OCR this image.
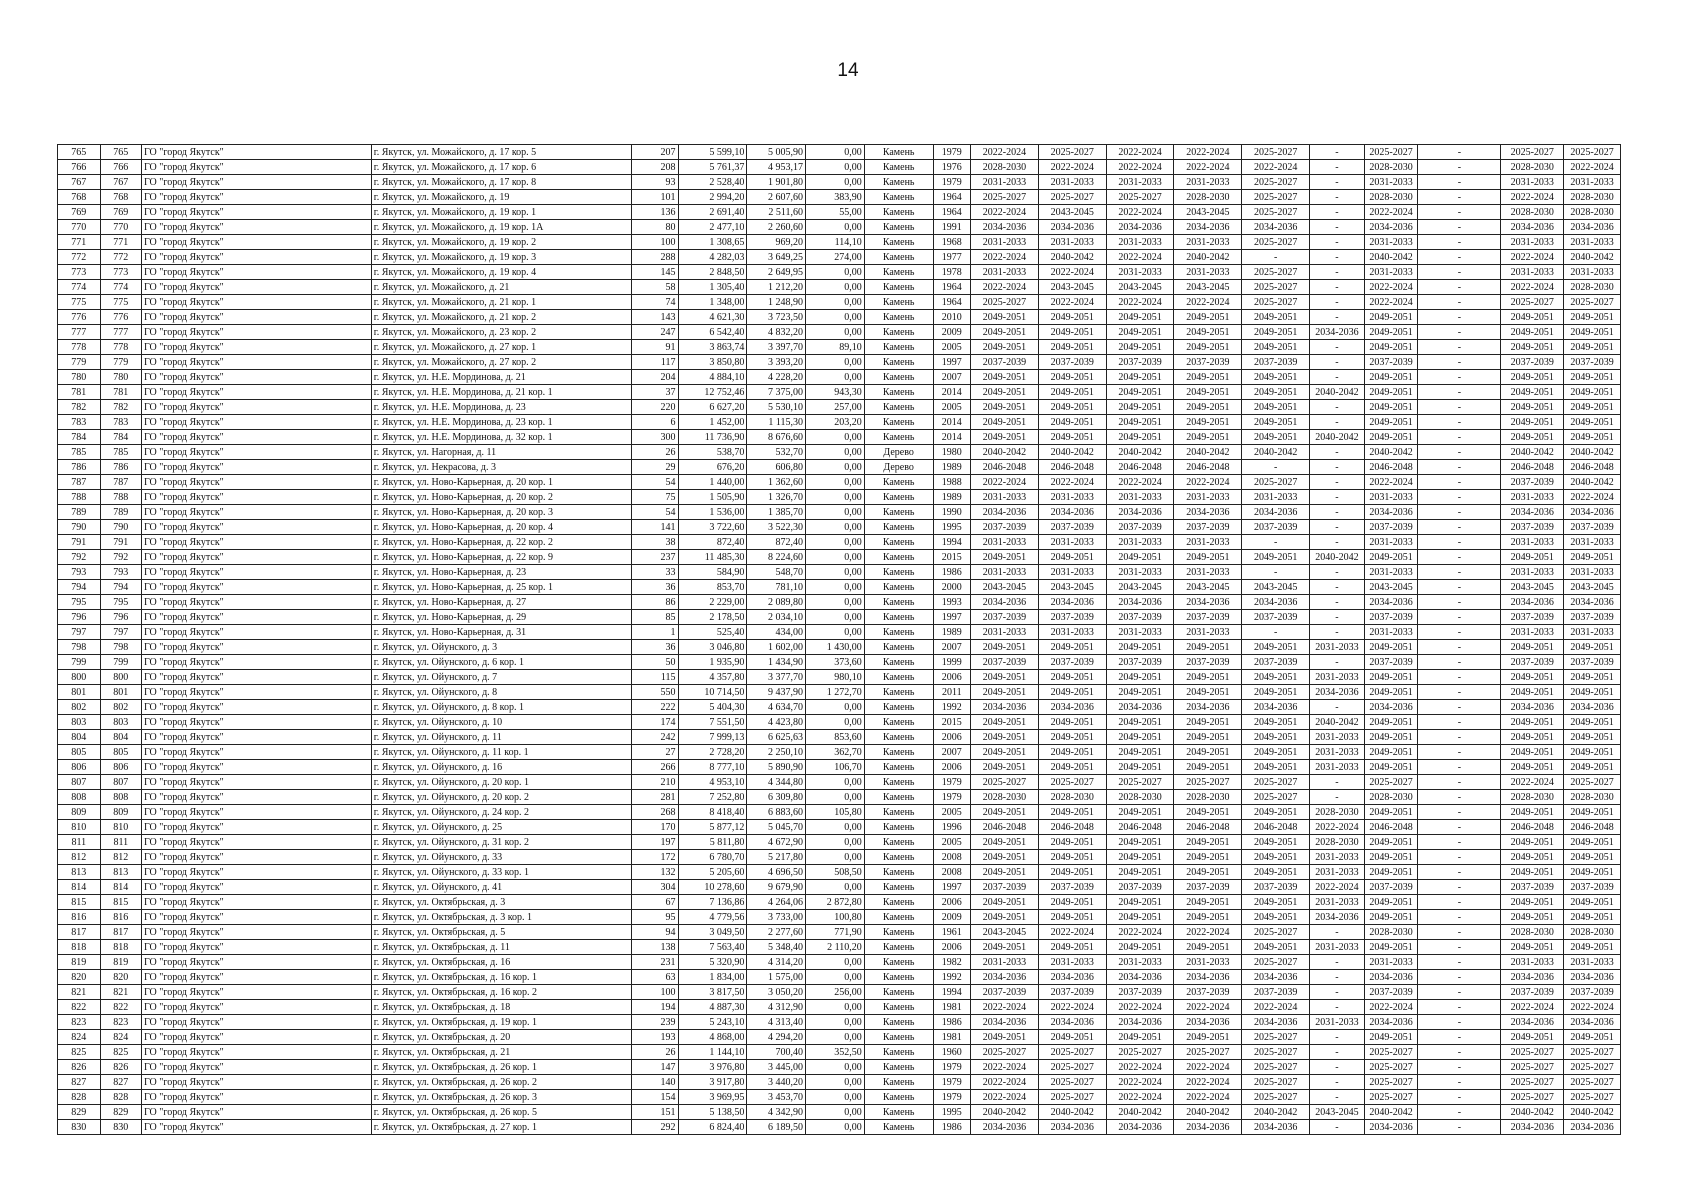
14
765	765	ГО "город Якутск"	г. Якутск, ул. Можайского, д. 17 кор. 5	207	5 599,10	5 005,90	0,00	Камень	1979	2022-2024	2025-2027	2022-2024	2022-2024	2025-2027	-	2025-2027	-	2025-2027	2025-2027
766	766	ГО "город Якутск"	г. Якутск, ул. Можайского, д. 17 кор. 6	208	5 761,37	4 953,17	0,00	Камень	1976	2028-2030	2022-2024	2022-2024	2022-2024	2022-2024	-	2028-2030	-	2028-2030	2022-2024
767	767	ГО "город Якутск"	г. Якутск, ул. Можайского, д. 17 кор. 8	93	2 528,40	1 901,80	0,00	Камень	1979	2031-2033	2031-2033	2031-2033	2031-2033	2025-2027	-	2031-2033	-	2031-2033	2031-2033
768	768	ГО "город Якутск"	г. Якутск, ул. Можайского, д. 19	101	2 994,20	2 607,60	383,90	Камень	1964	2025-2027	2025-2027	2025-2027	2028-2030	2025-2027	-	2028-2030	-	2022-2024	2028-2030
769	769	ГО "город Якутск"	г. Якутск, ул. Можайского, д. 19 кор. 1	136	2 691,40	2 511,60	55,00	Камень	1964	2022-2024	2043-2045	2022-2024	2043-2045	2025-2027	-	2022-2024	-	2028-2030	2028-2030
770	770	ГО "город Якутск"	г. Якутск, ул. Можайского, д. 19 кор. 1А	80	2 477,10	2 260,60	0,00	Камень	1991	2034-2036	2034-2036	2034-2036	2034-2036	2034-2036	-	2034-2036	-	2034-2036	2034-2036
771	771	ГО "город Якутск"	г. Якутск, ул. Можайского, д. 19 кор. 2	100	1 308,65	969,20	114,10	Камень	1968	2031-2033	2031-2033	2031-2033	2031-2033	2025-2027	-	2031-2033	-	2031-2033	2031-2033
772	772	ГО "город Якутск"	г. Якутск, ул. Можайского, д. 19 кор. 3	288	4 282,03	3 649,25	274,00	Камень	1977	2022-2024	2040-2042	2022-2024	2040-2042	-	-	2040-2042	-	2022-2024	2040-2042
773	773	ГО "город Якутск"	г. Якутск, ул. Можайского, д. 19 кор. 4	145	2 848,50	2 649,95	0,00	Камень	1978	2031-2033	2022-2024	2031-2033	2031-2033	2025-2027	-	2031-2033	-	2031-2033	2031-2033
774	774	ГО "город Якутск"	г. Якутск, ул. Можайского, д. 21	58	1 305,40	1 212,20	0,00	Камень	1964	2022-2024	2043-2045	2043-2045	2043-2045	2025-2027	-	2022-2024	-	2022-2024	2028-2030
775	775	ГО "город Якутск"	г. Якутск, ул. Можайского, д. 21 кор. 1	74	1 348,00	1 248,90	0,00	Камень	1964	2025-2027	2022-2024	2022-2024	2022-2024	2025-2027	-	2022-2024	-	2025-2027	2025-2027
776	776	ГО "город Якутск"	г. Якутск, ул. Можайского, д. 21 кор. 2	143	4 621,30	3 723,50	0,00	Камень	2010	2049-2051	2049-2051	2049-2051	2049-2051	2049-2051	-	2049-2051	-	2049-2051	2049-2051
777	777	ГО "город Якутск"	г. Якутск, ул. Можайского, д. 23 кор. 2	247	6 542,40	4 832,20	0,00	Камень	2009	2049-2051	2049-2051	2049-2051	2049-2051	2049-2051	2034-2036	2049-2051	-	2049-2051	2049-2051
778	778	ГО "город Якутск"	г. Якутск, ул. Можайского, д. 27 кор. 1	91	3 863,74	3 397,70	89,10	Камень	2005	2049-2051	2049-2051	2049-2051	2049-2051	2049-2051	-	2049-2051	-	2049-2051	2049-2051
779	779	ГО "город Якутск"	г. Якутск, ул. Можайского, д. 27 кор. 2	117	3 850,80	3 393,20	0,00	Камень	1997	2037-2039	2037-2039	2037-2039	2037-2039	2037-2039	-	2037-2039	-	2037-2039	2037-2039
780	780	ГО "город Якутск"	г. Якутск, ул. Н.Е. Мординова, д. 21	204	4 884,10	4 228,20	0,00	Камень	2007	2049-2051	2049-2051	2049-2051	2049-2051	2049-2051	-	2049-2051	-	2049-2051	2049-2051
781	781	ГО "город Якутск"	г. Якутск, ул. Н.Е. Мординова, д. 21 кор. 1	37	12 752,46	7 375,00	943,30	Камень	2014	2049-2051	2049-2051	2049-2051	2049-2051	2049-2051	2040-2042	2049-2051	-	2049-2051	2049-2051
782	782	ГО "город Якутск"	г. Якутск, ул. Н.Е. Мординова, д. 23	220	6 627,20	5 530,10	257,00	Камень	2005	2049-2051	2049-2051	2049-2051	2049-2051	2049-2051	-	2049-2051	-	2049-2051	2049-2051
783	783	ГО "город Якутск"	г. Якутск, ул. Н.Е. Мординова, д. 23 кор. 1	6	1 452,00	1 115,30	203,20	Камень	2014	2049-2051	2049-2051	2049-2051	2049-2051	2049-2051	-	2049-2051	-	2049-2051	2049-2051
784	784	ГО "город Якутск"	г. Якутск, ул. Н.Е. Мординова, д. 32 кор. 1	300	11 736,90	8 676,60	0,00	Камень	2014	2049-2051	2049-2051	2049-2051	2049-2051	2049-2051	2040-2042	2049-2051	-	2049-2051	2049-2051
785	785	ГО "город Якутск"	г. Якутск, ул. Нагорная, д. 11	26	538,70	532,70	0,00	Дерево	1980	2040-2042	2040-2042	2040-2042	2040-2042	2040-2042	-	2040-2042	-	2040-2042	2040-2042
786	786	ГО "город Якутск"	г. Якутск, ул. Некрасова, д. 3	29	676,20	606,80	0,00	Дерево	1989	2046-2048	2046-2048	2046-2048	2046-2048	-	-	2046-2048	-	2046-2048	2046-2048
787	787	ГО "город Якутск"	г. Якутск, ул. Ново-Карьерная, д. 20 кор. 1	54	1 440,00	1 362,60	0,00	Камень	1988	2022-2024	2022-2024	2022-2024	2022-2024	2025-2027	-	2022-2024	-	2037-2039	2040-2042
788	788	ГО "город Якутск"	г. Якутск, ул. Ново-Карьерная, д. 20 кор. 2	75	1 505,90	1 326,70	0,00	Камень	1989	2031-2033	2031-2033	2031-2033	2031-2033	2031-2033	-	2031-2033	-	2031-2033	2022-2024
789	789	ГО "город Якутск"	г. Якутск, ул. Ново-Карьерная, д. 20 кор. 3	54	1 536,00	1 385,70	0,00	Камень	1990	2034-2036	2034-2036	2034-2036	2034-2036	2034-2036	-	2034-2036	-	2034-2036	2034-2036
790	790	ГО "город Якутск"	г. Якутск, ул. Ново-Карьерная, д. 20 кор. 4	141	3 722,60	3 522,30	0,00	Камень	1995	2037-2039	2037-2039	2037-2039	2037-2039	2037-2039	-	2037-2039	-	2037-2039	2037-2039
791	791	ГО "город Якутск"	г. Якутск, ул. Ново-Карьерная, д. 22 кор. 2	38	872,40	872,40	0,00	Камень	1994	2031-2033	2031-2033	2031-2033	2031-2033	-	-	2031-2033	-	2031-2033	2031-2033
792	792	ГО "город Якутск"	г. Якутск, ул. Ново-Карьерная, д. 22 кор. 9	237	11 485,30	8 224,60	0,00	Камень	2015	2049-2051	2049-2051	2049-2051	2049-2051	2049-2051	2040-2042	2049-2051	-	2049-2051	2049-2051
793	793	ГО "город Якутск"	г. Якутск, ул. Ново-Карьерная, д. 23	33	584,90	548,70	0,00	Камень	1986	2031-2033	2031-2033	2031-2033	2031-2033	-	-	2031-2033	-	2031-2033	2031-2033
794	794	ГО "город Якутск"	г. Якутск, ул. Ново-Карьерная, д. 25 кор. 1	36	853,70	781,10	0,00	Камень	2000	2043-2045	2043-2045	2043-2045	2043-2045	2043-2045	-	2043-2045	-	2043-2045	2043-2045
795	795	ГО "город Якутск"	г. Якутск, ул. Ново-Карьерная, д. 27	86	2 229,00	2 089,80	0,00	Камень	1993	2034-2036	2034-2036	2034-2036	2034-2036	2034-2036	-	2034-2036	-	2034-2036	2034-2036
796	796	ГО "город Якутск"	г. Якутск, ул. Ново-Карьерная, д. 29	85	2 178,50	2 034,10	0,00	Камень	1997	2037-2039	2037-2039	2037-2039	2037-2039	2037-2039	-	2037-2039	-	2037-2039	2037-2039
797	797	ГО "город Якутск"	г. Якутск, ул. Ново-Карьерная, д. 31	1	525,40	434,00	0,00	Камень	1989	2031-2033	2031-2033	2031-2033	2031-2033	-	-	2031-2033	-	2031-2033	2031-2033
798	798	ГО "город Якутск"	г. Якутск, ул. Ойунского, д. 3	36	3 046,80	1 602,00	1 430,00	Камень	2007	2049-2051	2049-2051	2049-2051	2049-2051	2049-2051	2031-2033	2049-2051	-	2049-2051	2049-2051
799	799	ГО "город Якутск"	г. Якутск, ул. Ойунского, д. 6 кор. 1	50	1 935,90	1 434,90	373,60	Камень	1999	2037-2039	2037-2039	2037-2039	2037-2039	2037-2039	-	2037-2039	-	2037-2039	2037-2039
800	800	ГО "город Якутск"	г. Якутск, ул. Ойунского, д. 7	115	4 357,80	3 377,70	980,10	Камень	2006	2049-2051	2049-2051	2049-2051	2049-2051	2049-2051	2031-2033	2049-2051	-	2049-2051	2049-2051
801	801	ГО "город Якутск"	г. Якутск, ул. Ойунского, д. 8	550	10 714,50	9 437,90	1 272,70	Камень	2011	2049-2051	2049-2051	2049-2051	2049-2051	2049-2051	2034-2036	2049-2051	-	2049-2051	2049-2051
802	802	ГО "город Якутск"	г. Якутск, ул. Ойунского, д. 8 кор. 1	222	5 404,30	4 634,70	0,00	Камень	1992	2034-2036	2034-2036	2034-2036	2034-2036	2034-2036	-	2034-2036	-	2034-2036	2034-2036
803	803	ГО "город Якутск"	г. Якутск, ул. Ойунского, д. 10	174	7 551,50	4 423,80	0,00	Камень	2015	2049-2051	2049-2051	2049-2051	2049-2051	2049-2051	2040-2042	2049-2051	-	2049-2051	2049-2051
804	804	ГО "город Якутск"	г. Якутск, ул. Ойунского, д. 11	242	7 999,13	6 625,63	853,60	Камень	2006	2049-2051	2049-2051	2049-2051	2049-2051	2049-2051	2031-2033	2049-2051	-	2049-2051	2049-2051
805	805	ГО "город Якутск"	г. Якутск, ул. Ойунского, д. 11 кор. 1	27	2 728,20	2 250,10	362,70	Камень	2007	2049-2051	2049-2051	2049-2051	2049-2051	2049-2051	2031-2033	2049-2051	-	2049-2051	2049-2051
806	806	ГО "город Якутск"	г. Якутск, ул. Ойунского, д. 16	266	8 777,10	5 890,90	106,70	Камень	2006	2049-2051	2049-2051	2049-2051	2049-2051	2049-2051	2031-2033	2049-2051	-	2049-2051	2049-2051
807	807	ГО "город Якутск"	г. Якутск, ул. Ойунского, д. 20 кор. 1	210	4 953,10	4 344,80	0,00	Камень	1979	2025-2027	2025-2027	2025-2027	2025-2027	2025-2027	-	2025-2027	-	2022-2024	2025-2027
808	808	ГО "город Якутск"	г. Якутск, ул. Ойунского, д. 20 кор. 2	281	7 252,80	6 309,80	0,00	Камень	1979	2028-2030	2028-2030	2028-2030	2028-2030	2025-2027	-	2028-2030	-	2028-2030	2028-2030
809	809	ГО "город Якутск"	г. Якутск, ул. Ойунского, д. 24 кор. 2	268	8 418,40	6 883,60	105,80	Камень	2005	2049-2051	2049-2051	2049-2051	2049-2051	2049-2051	2028-2030	2049-2051	-	2049-2051	2049-2051
810	810	ГО "город Якутск"	г. Якутск, ул. Ойунского, д. 25	170	5 877,12	5 045,70	0,00	Камень	1996	2046-2048	2046-2048	2046-2048	2046-2048	2046-2048	2022-2024	2046-2048	-	2046-2048	2046-2048
811	811	ГО "город Якутск"	г. Якутск, ул. Ойунского, д. 31 кор. 2	197	5 811,80	4 672,90	0,00	Камень	2005	2049-2051	2049-2051	2049-2051	2049-2051	2049-2051	2028-2030	2049-2051	-	2049-2051	2049-2051
812	812	ГО "город Якутск"	г. Якутск, ул. Ойунского, д. 33	172	6 780,70	5 217,80	0,00	Камень	2008	2049-2051	2049-2051	2049-2051	2049-2051	2049-2051	2031-2033	2049-2051	-	2049-2051	2049-2051
813	813	ГО "город Якутск"	г. Якутск, ул. Ойунского, д. 33 кор. 1	132	5 205,60	4 696,50	508,50	Камень	2008	2049-2051	2049-2051	2049-2051	2049-2051	2049-2051	2031-2033	2049-2051	-	2049-2051	2049-2051
814	814	ГО "город Якутск"	г. Якутск, ул. Ойунского, д. 41	304	10 278,60	9 679,90	0,00	Камень	1997	2037-2039	2037-2039	2037-2039	2037-2039	2037-2039	2022-2024	2037-2039	-	2037-2039	2037-2039
815	815	ГО "город Якутск"	г. Якутск, ул. Октябрьская, д. 3	67	7 136,86	4 264,06	2 872,80	Камень	2006	2049-2051	2049-2051	2049-2051	2049-2051	2049-2051	2031-2033	2049-2051	-	2049-2051	2049-2051
816	816	ГО "город Якутск"	г. Якутск, ул. Октябрьская, д. 3 кор. 1	95	4 779,56	3 733,00	100,80	Камень	2009	2049-2051	2049-2051	2049-2051	2049-2051	2049-2051	2034-2036	2049-2051	-	2049-2051	2049-2051
817	817	ГО "город Якутск"	г. Якутск, ул. Октябрьская, д. 5	94	3 049,50	2 277,60	771,90	Камень	1961	2043-2045	2022-2024	2022-2024	2022-2024	2025-2027	-	2028-2030	-	2028-2030	2028-2030
818	818	ГО "город Якутск"	г. Якутск, ул. Октябрьская, д. 11	138	7 563,40	5 348,40	2 110,20	Камень	2006	2049-2051	2049-2051	2049-2051	2049-2051	2049-2051	2031-2033	2049-2051	-	2049-2051	2049-2051
819	819	ГО "город Якутск"	г. Якутск, ул. Октябрьская, д. 16	231	5 320,90	4 314,20	0,00	Камень	1982	2031-2033	2031-2033	2031-2033	2031-2033	2025-2027	-	2031-2033	-	2031-2033	2031-2033
820	820	ГО "город Якутск"	г. Якутск, ул. Октябрьская, д. 16 кор. 1	63	1 834,00	1 575,00	0,00	Камень	1992	2034-2036	2034-2036	2034-2036	2034-2036	2034-2036	-	2034-2036	-	2034-2036	2034-2036
821	821	ГО "город Якутск"	г. Якутск, ул. Октябрьская, д. 16 кор. 2	100	3 817,50	3 050,20	256,00	Камень	1994	2037-2039	2037-2039	2037-2039	2037-2039	2037-2039	-	2037-2039	-	2037-2039	2037-2039
822	822	ГО "город Якутск"	г. Якутск, ул. Октябрьская, д. 18	194	4 887,30	4 312,90	0,00	Камень	1981	2022-2024	2022-2024	2022-2024	2022-2024	2022-2024	-	2022-2024	-	2022-2024	2022-2024
823	823	ГО "город Якутск"	г. Якутск, ул. Октябрьская, д. 19 кор. 1	239	5 243,10	4 313,40	0,00	Камень	1986	2034-2036	2034-2036	2034-2036	2034-2036	2034-2036	2031-2033	2034-2036	-	2034-2036	2034-2036
824	824	ГО "город Якутск"	г. Якутск, ул. Октябрьская, д. 20	193	4 868,00	4 294,20	0,00	Камень	1981	2049-2051	2049-2051	2049-2051	2049-2051	2025-2027	-	2049-2051	-	2049-2051	2049-2051
825	825	ГО "город Якутск"	г. Якутск, ул. Октябрьская, д. 21	26	1 144,10	700,40	352,50	Камень	1960	2025-2027	2025-2027	2025-2027	2025-2027	2025-2027	-	2025-2027	-	2025-2027	2025-2027
826	826	ГО "город Якутск"	г. Якутск, ул. Октябрьская, д. 26 кор. 1	147	3 976,80	3 445,00	0,00	Камень	1979	2022-2024	2025-2027	2022-2024	2022-2024	2025-2027	-	2025-2027	-	2025-2027	2025-2027
827	827	ГО "город Якутск"	г. Якутск, ул. Октябрьская, д. 26 кор. 2	140	3 917,80	3 440,20	0,00	Камень	1979	2022-2024	2025-2027	2022-2024	2022-2024	2025-2027	-	2025-2027	-	2025-2027	2025-2027
828	828	ГО "город Якутск"	г. Якутск, ул. Октябрьская, д. 26 кор. 3	154	3 969,95	3 453,70	0,00	Камень	1979	2022-2024	2025-2027	2022-2024	2022-2024	2025-2027	-	2025-2027	-	2025-2027	2025-2027
829	829	ГО "город Якутск"	г. Якутск, ул. Октябрьская, д. 26 кор. 5	151	5 138,50	4 342,90	0,00	Камень	1995	2040-2042	2040-2042	2040-2042	2040-2042	2040-2042	2043-2045	2040-2042	-	2040-2042	2040-2042
830	830	ГО "город Якутск"	г. Якутск, ул. Октябрьская, д. 27 кор. 1	292	6 824,40	6 189,50	0,00	Камень	1986	2034-2036	2034-2036	2034-2036	2034-2036	2034-2036	-	2034-2036	-	2034-2036	2034-2036
